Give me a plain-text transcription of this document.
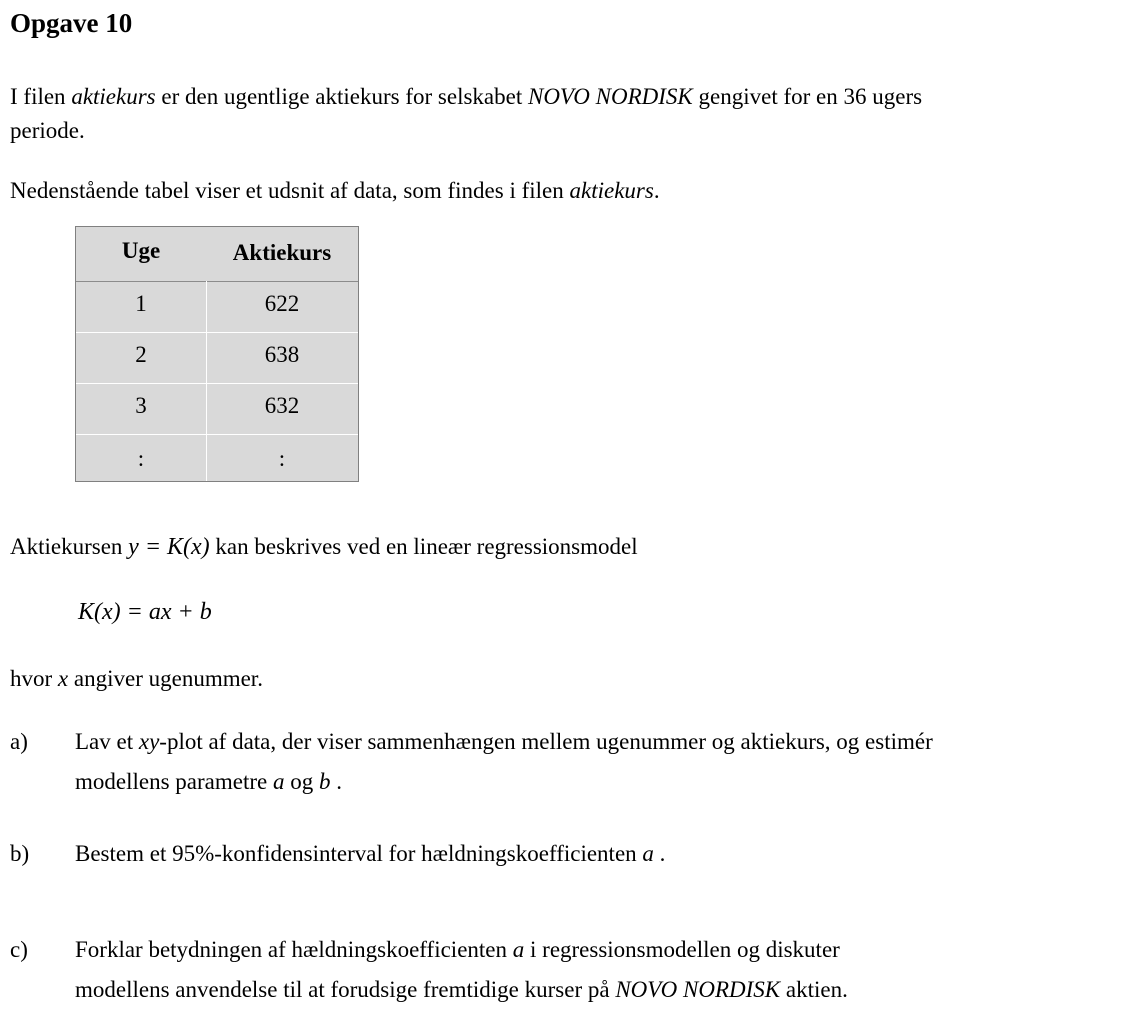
Opgave 10
I filen aktiekurs er den ugentlige aktiekurs for selskabet NOVO NORDISK gengivet for en 36 ugers
periode.
Nedenstående tabel viser et udsnit af data, som findes i filen aktiekurs.
Uge	Aktiekurs
1	622
2	638
3	632
:	:
Aktiekursen y = K(x) kan beskrives ved en lineær regressionsmodel
K(x) = ax + b
hvor x angiver ugenummer.
a) Lav et xy-plot af data, der viser sammenhængen mellem ugenummer og aktiekurs, og estimér
modellens parametre a og b .
b) Bestem et 95%-konfidensinterval for hældningskoefficienten a .
c) Forklar betydningen af hældningskoefficienten a i regressionsmodellen og diskuter
modellens anvendelse til at forudsige fremtidige kurser på NOVO NORDISK aktien.
